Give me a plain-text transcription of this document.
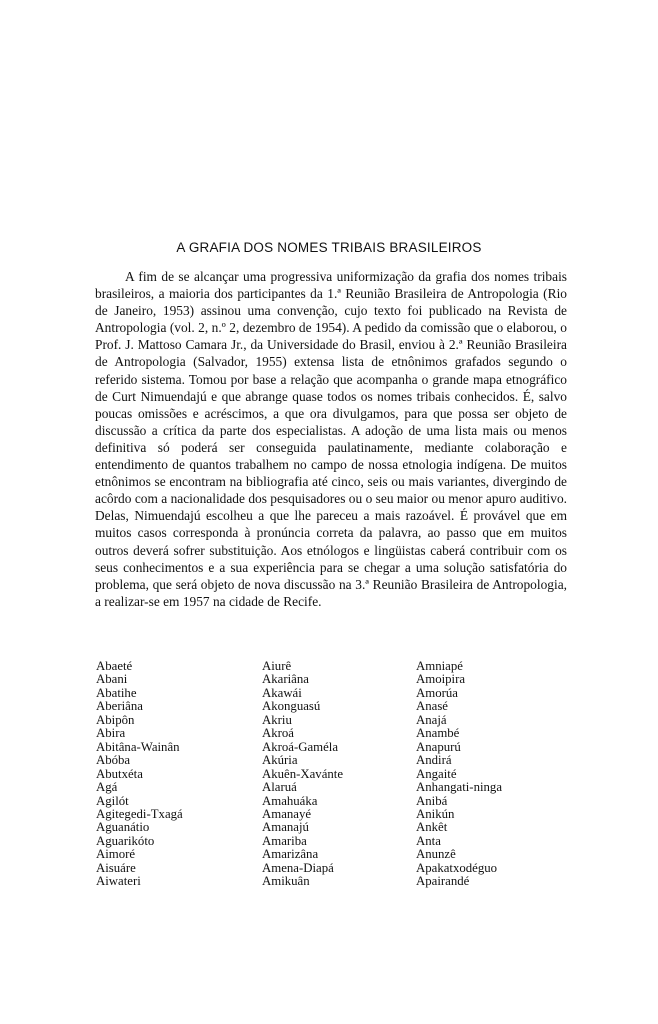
A GRAFIA DOS NOMES TRIBAIS BRASILEIROS

A fim de se alcançar uma progressiva uniformização da grafia dos nomes tribais brasileiros, a maioria dos participantes da 1.ª Reunião Brasileira de Antropologia (Rio de Janeiro, 1953) assinou uma convenção, cujo texto foi publicado na Revista de Antropologia (vol. 2, n.º 2, dezembro de 1954). A pedido da comissão que o elaborou, o Prof. J. Mattoso Camara Jr., da Universidade do Brasil, enviou à 2.ª Reunião Brasileira de Antropologia (Salvador, 1955) extensa lista de etnônimos grafados segundo o referido sistema. Tomou por base a relação que acompanha o grande mapa etnográfico de Curt Nimuendajú e que abrange quase todos os nomes tribais conhecidos. É, salvo poucas omissões e acréscimos, a que ora divulgamos, para que possa ser objeto de discussão a crítica da parte dos especialistas. A adoção de uma lista mais ou menos definitiva só poderá ser conseguida paulatinamente, mediante colaboração e entendimento de quantos trabalhem no campo de nossa etnologia indígena. De muitos etnônimos se encontram na bibliografia até cinco, seis ou mais variantes, divergindo de acôrdo com a nacionalidade dos pesquisadores ou o seu maior ou menor apuro auditivo. Delas, Nimuendajú escolheu a que lhe pareceu a mais razoável. É provável que em muitos casos corresponda à pronúncia correta da palavra, ao passo que em muitos outros deverá sofrer substituição. Aos etnólogos e lingüistas caberá contribuir com os seus conhecimentos e a sua experiência para se chegar a uma solução satisfatória do problema, que será objeto de nova discussão na 3.ª Reunião Brasileira de Antropologia, a realizar-se em 1957 na cidade de Recife.

Abaeté
Abani
Abatihe
Aberiâna
Abipôn
Abira
Abitâna-Wainân
Abóba
Abutxéta
Agá
Agilót
Agitegedi-Txagá
Aguanátio
Aguarikóto
Aimoré
Aisuáre
Aiwateri
Aiurê
Akariâna
Akawái
Akonguasú
Akriu
Akroá
Akroá-Gaméla
Akúria
Akuên-Xavánte
Alaruá
Amahuáka
Amanayé
Amanajú
Amariba
Amarizâna
Amena-Diapá
Amikuân
Amniapé
Amoipira
Amorúa
Anasé
Anajá
Anambé
Anapurú
Andirá
Angaité
Anhangati-ninga
Anibá
Anikún
Ankêt
Anta
Anunzê
Apakatxodéguo
Apairandé
